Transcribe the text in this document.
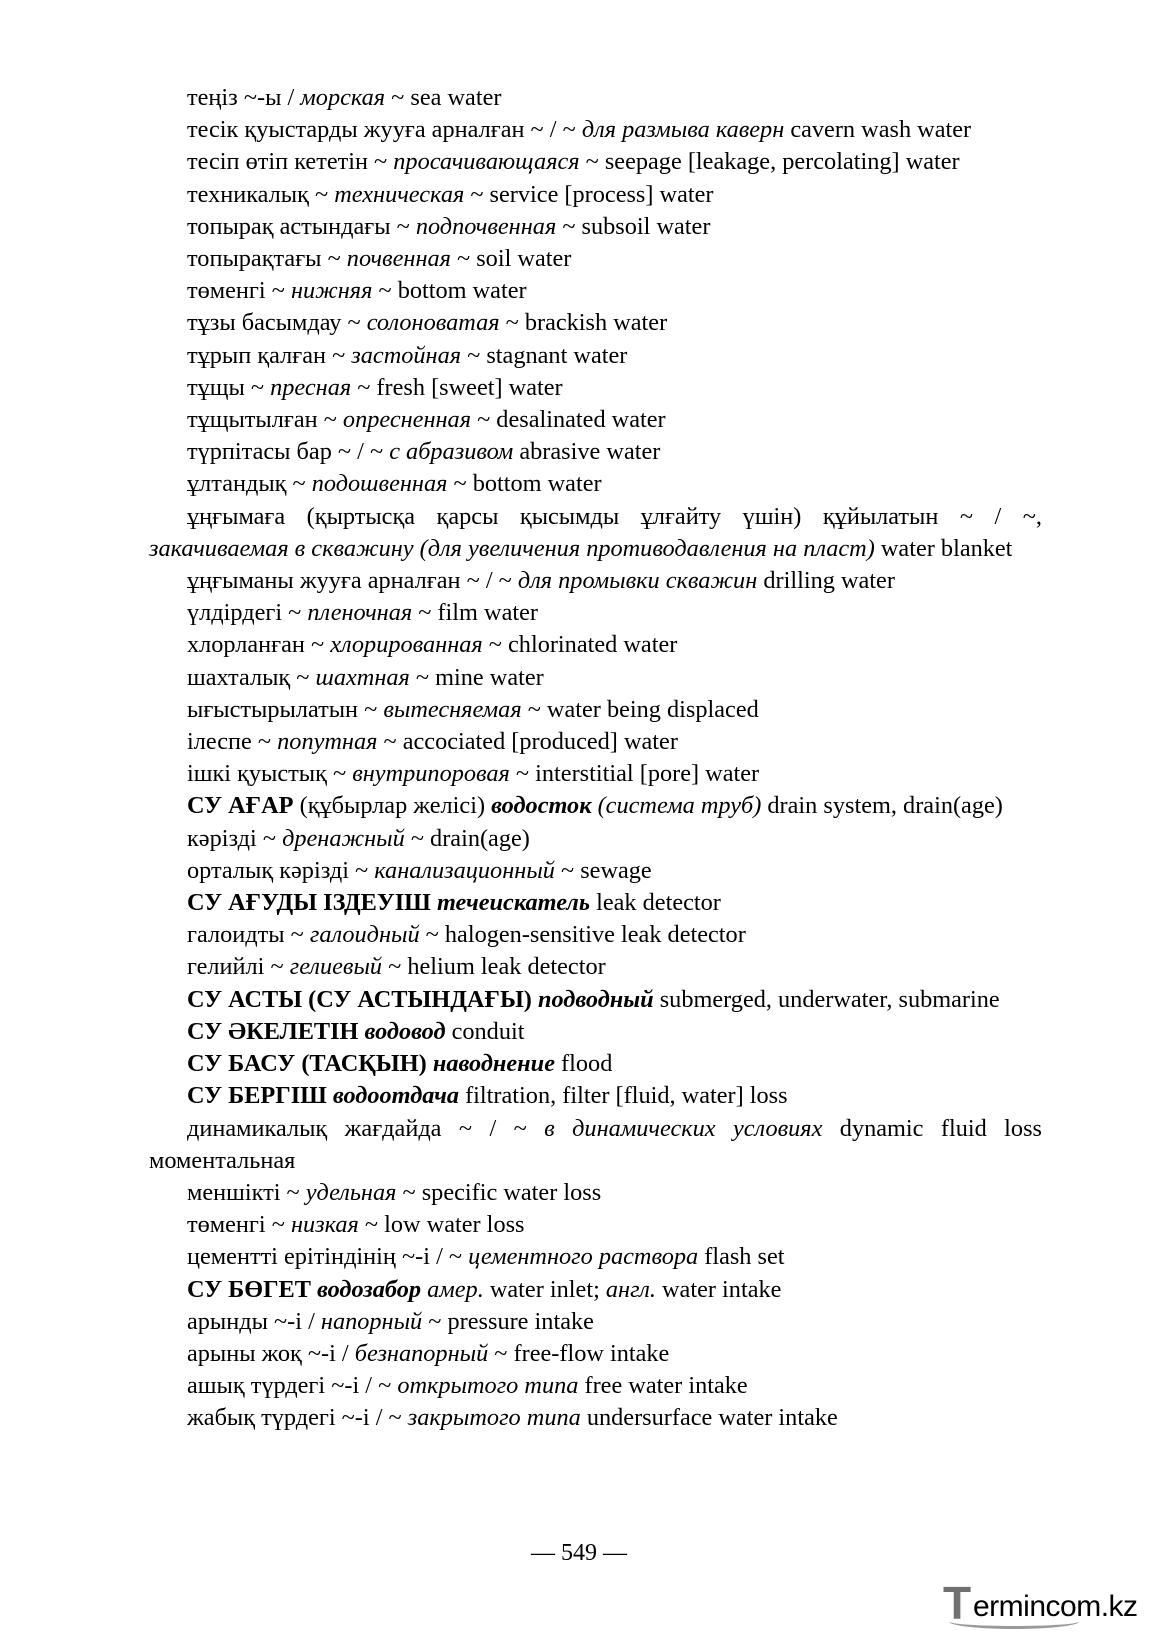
теңіз ~-ы / морская ~ sea water

тесік қуыстарды жууға арналған ~ / ~ для размыва каверн cavern wash water

тесіп өтіп кететін ~ просачивающаяся ~ seepage [leakage, percolating] water

техникалық ~ техническая ~ service [process] water

топырақ астындағы ~ подпочвенная ~ subsoil water

топырақтағы ~ почвенная ~ soil water

төменгі ~ нижняя ~ bottom water

тұзы басымдау ~ солоноватая ~ brackish water

тұрып қалған ~ застойная ~ stagnant water

тұщы ~ пресная ~ fresh [sweet] water

тұщытылған ~ опресненная ~ desalinated water

түрпітасы бар ~ / ~ с абразивом abrasive water

ұлтандық ~ подошвенная ~ bottom water

ұңғымаға (қыртысқа қарсы қысымды ұлғайту үшін) құйылатын ~ / ~, закачиваемая в скважину (для увеличения противодавления на пласт) water blanket

ұңғыманы жууға арналған ~ / ~ для промывки скважин drilling water

үлдірдегі ~ пленочная ~ film water

хлорланған ~ хлорированная ~ chlorinated water

шахталық ~ шахтная ~ mine water

ығыстырылатын ~ вытесняемая ~ water being displaced

ілеспе ~ попутная ~ accociated [produced] water

ішкі қуыстық ~ внутрипоровая ~ interstitial [pore] water

СУ АҒАР (құбырлар желісі) водосток (система труб) drain system, drain(age)

кәрізді ~ дренажный ~ drain(age)

орталық кәрізді ~ канализационный ~ sewage

СУ АҒУДЫ ІЗДЕУІШ течеискатель leak detector

галоидты ~ галоидный ~ halogen-sensitive leak detector

гелийлі ~ гелиевый ~ helium leak detector

СУ АСТЫ (СУ АСТЫНДАҒЫ) подводный submerged, underwater, submarine

СУ ӘКЕЛЕТІН водовод conduit

СУ БАСУ (ТАСҚЫН) наводнение flood

СУ БЕРГІШ водоотдача filtration, filter [fluid, water] loss

динамикалық жағдайда ~ / ~ в динамических условиях dynamic fluid loss моментальная

меншікті ~ удельная ~ specific water loss

төменгі ~ низкая ~ low water loss

цементті ерітіндінің ~-і / ~ цементного раствора flash set

СУ БӨГЕТ водозабор амер. water inlet; англ. water intake

арынды ~-і / напорный ~ pressure intake

арыны жоқ ~-і / безнапорный ~ free-flow intake

ашық түрдегі ~-і / ~ открытого типа free water intake

жабық түрдегі ~-і / ~ закрытого типа undersurface water intake

— 549 —
T ermincom.kz
